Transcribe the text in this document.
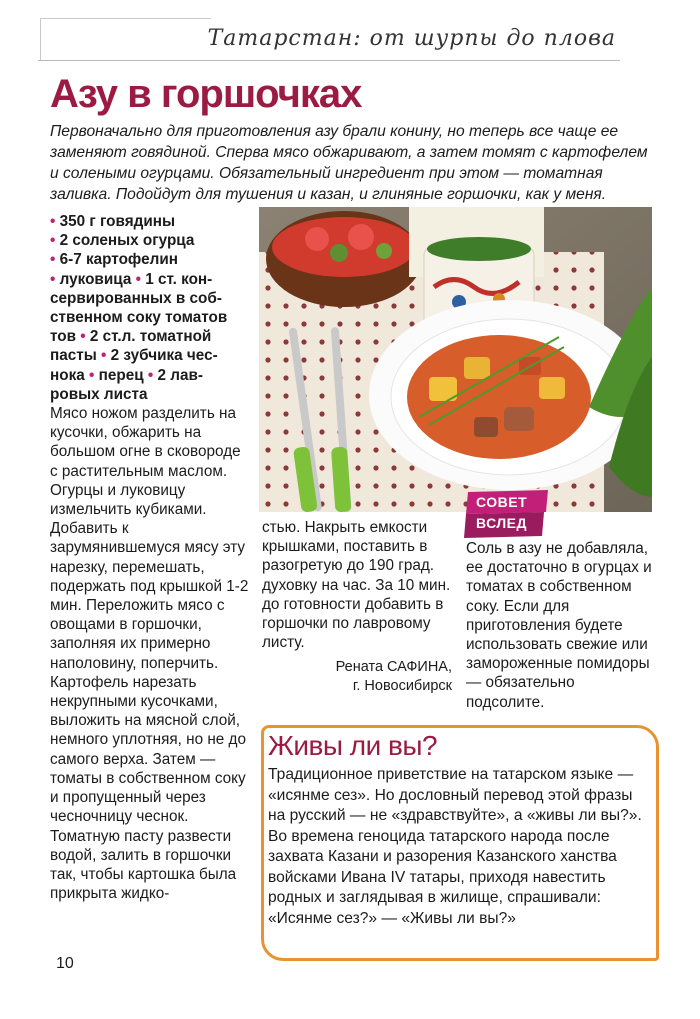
Татарстан: от шурпы до плова
Азу в горшочках
Первоначально для приготовления азу брали конину, но теперь все чаще ее заменяют говядиной. Сперва мясо обжаривают, а затем томят с картофелем и солеными огурцами. Обязательный ингредиент при этом — томатная заливка. Подойдут для тушения и казан, и глиняные горшочки, как у меня.
• 350 г говядины
• 2 соленых огурца
• 6-7 картофелин
• луковица • 1 ст. кон-
сервированных в соб-
ственном соку томатов
тов • 2 ст.л. томатной
пасты • 2 зубчика чес-
нока • перец • 2 лав-
ровых листа
Мясо ножом разделить на кусочки, обжарить на большом огне в сковороде с растительным маслом. Огурцы и луковицу измельчить кубиками. Добавить к зарумянившемуся мясу эту нарезку, перемешать, подержать под крышкой 1-2 мин. Переложить мясо с овощами в горшочки, заполняя их примерно наполовину, поперчить. Картофель нарезать некрупными кусочками, выложить на мясной слой, немного уплотняя, но не до самого верха. Затем — томаты в собственном соку и пропущенный через чесночницу чеснок. Томатную пасту развести водой, залить в горшочки так, чтобы картошка была прикрыта жидко-
СОВЕТ
ВСЛЕД
стью. Накрыть емкости крышками, поставить в разогретую до 190 град. духовку на час. За 10 мин. до готовности добавить в горшочки по лавровому листу.
Рената САФИНА,
г. Новосибирск
Соль в азу не добавляла, ее достаточно в огурцах и томатах в собственном соку. Если для приготовления будете использовать свежие или замороженные помидоры — обязательно подсолите.
Живы ли вы?
Традиционное приветствие на татарском языке — «исянме сез». Но дословный перевод этой фразы на русский — не «здравствуйте», а «живы ли вы?». Во времена геноцида татарского народа после захвата Казани и разорения Казанского ханства войсками Ивана IV татары, приходя навестить родных и заглядывая в жилище, спрашивали: «Исянме сез?» — «Живы ли вы?»
10
